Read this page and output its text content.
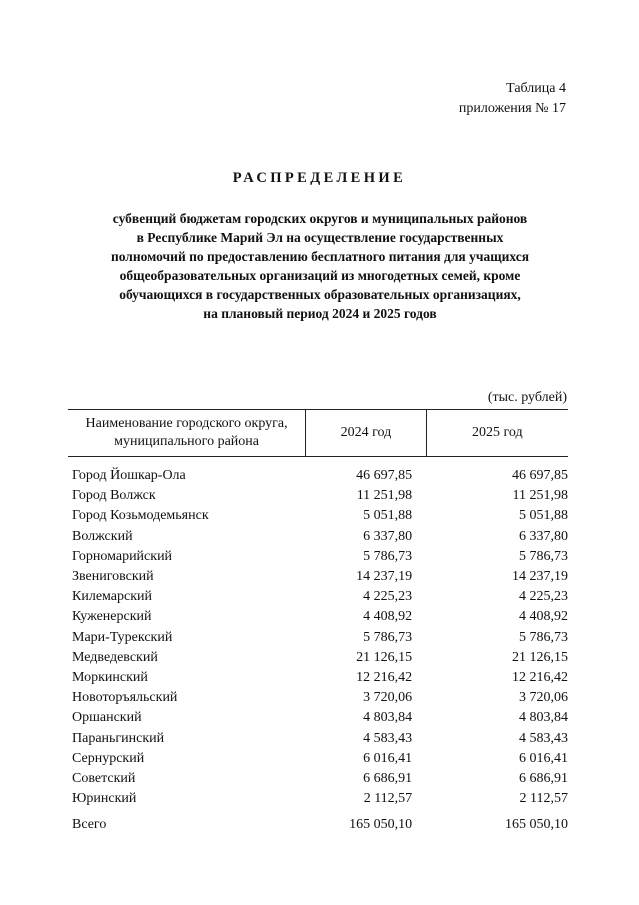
Таблица 4
приложения № 17
РАСПРЕДЕЛЕНИЕ
субвенций бюджетам городских округов и муниципальных районов
в Республике Марий Эл на осуществление государственных
полномочий по предоставлению бесплатного питания для учащихся
общеобразовательных организаций из многодетных семей, кроме
обучающихся в государственных образовательных организациях,
на плановый период 2024 и 2025 годов
(тыс. рублей)
Наименование городского округа,
муниципального района	2024 год	2025 год

Город Йошкар-Ола	46 697,85	46 697,85
Город Волжск	11 251,98	11 251,98
Город Козьмодемьянск	5 051,88	5 051,88
Волжский	6 337,80	6 337,80
Горномарийский	5 786,73	5 786,73
Звениговский	14 237,19	14 237,19
Килемарский	4 225,23	4 225,23
Куженерский	4 408,92	4 408,92
Мари-Турекский	5 786,73	5 786,73
Медведевский	21 126,15	21 126,15
Моркинский	12 216,42	12 216,42
Новоторъяльский	3 720,06	3 720,06
Оршанский	4 803,84	4 803,84
Параньгинский	4 583,43	4 583,43
Сернурский	6 016,41	6 016,41
Советский	6 686,91	6 686,91
Юринский	2 112,57	2 112,57
Всего	165 050,10	165 050,10
